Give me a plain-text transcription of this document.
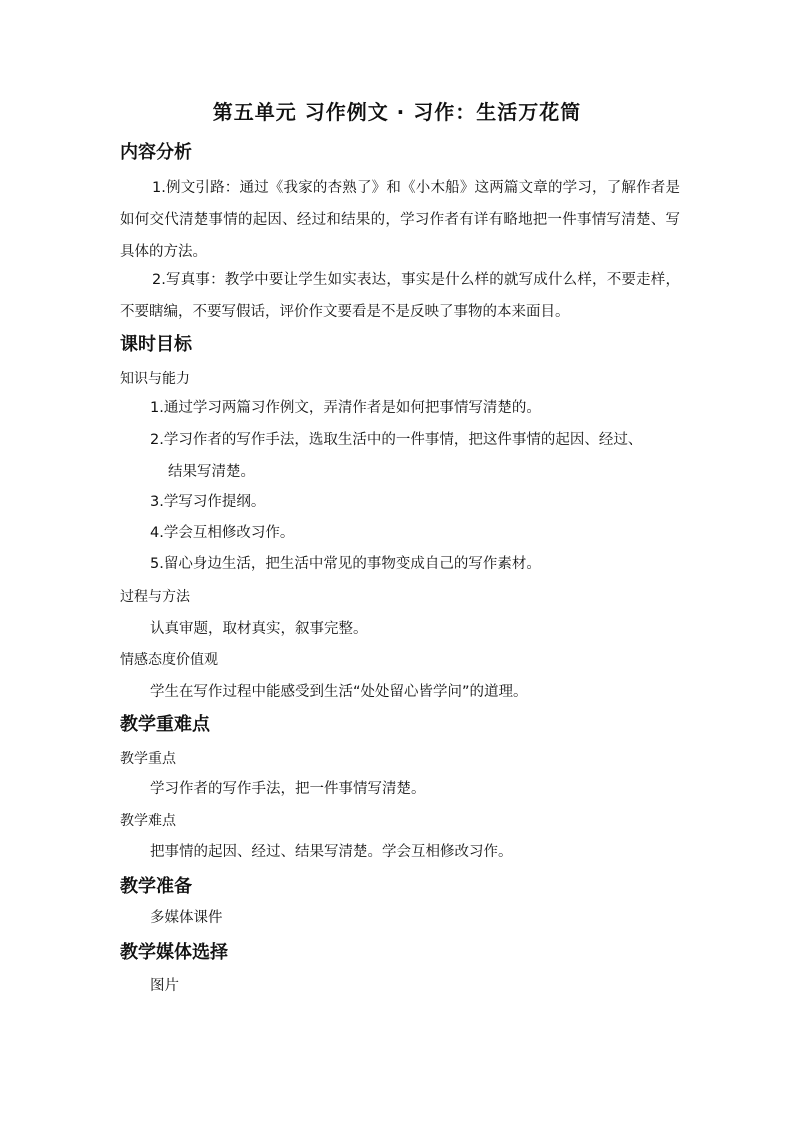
第五单元 习作例文 · 习作：生活万花筒
内容分析
1.例文引路：通过《我家的杏熟了》和《小木船》这两篇文章的学习，了解作者是如何交代清楚事情的起因、经过和结果的，学习作者有详有略地把一件事情写清楚、写具体的方法。
2.写真事：教学中要让学生如实表达，事实是什么样的就写成什么样，不要走样，不要瞎编，不要写假话，评价作文要看是不是反映了事物的本来面目。
课时目标
知识与能力
1.通过学习两篇习作例文，弄清作者是如何把事情写清楚的。
2.学习作者的写作手法，选取生活中的一件事情，把这件事情的起因、经过、
结果写清楚。
3.学写习作提纲。
4.学会互相修改习作。
5.留心身边生活，把生活中常见的事物变成自己的写作素材。
过程与方法
认真审题，取材真实，叙事完整。
情感态度价值观
学生在写作过程中能感受到生活“处处留心皆学问”的道理。
教学重难点
教学重点
学习作者的写作手法，把一件事情写清楚。
教学难点
把事情的起因、经过、结果写清楚。学会互相修改习作。
教学准备
多媒体课件
教学媒体选择
图片
